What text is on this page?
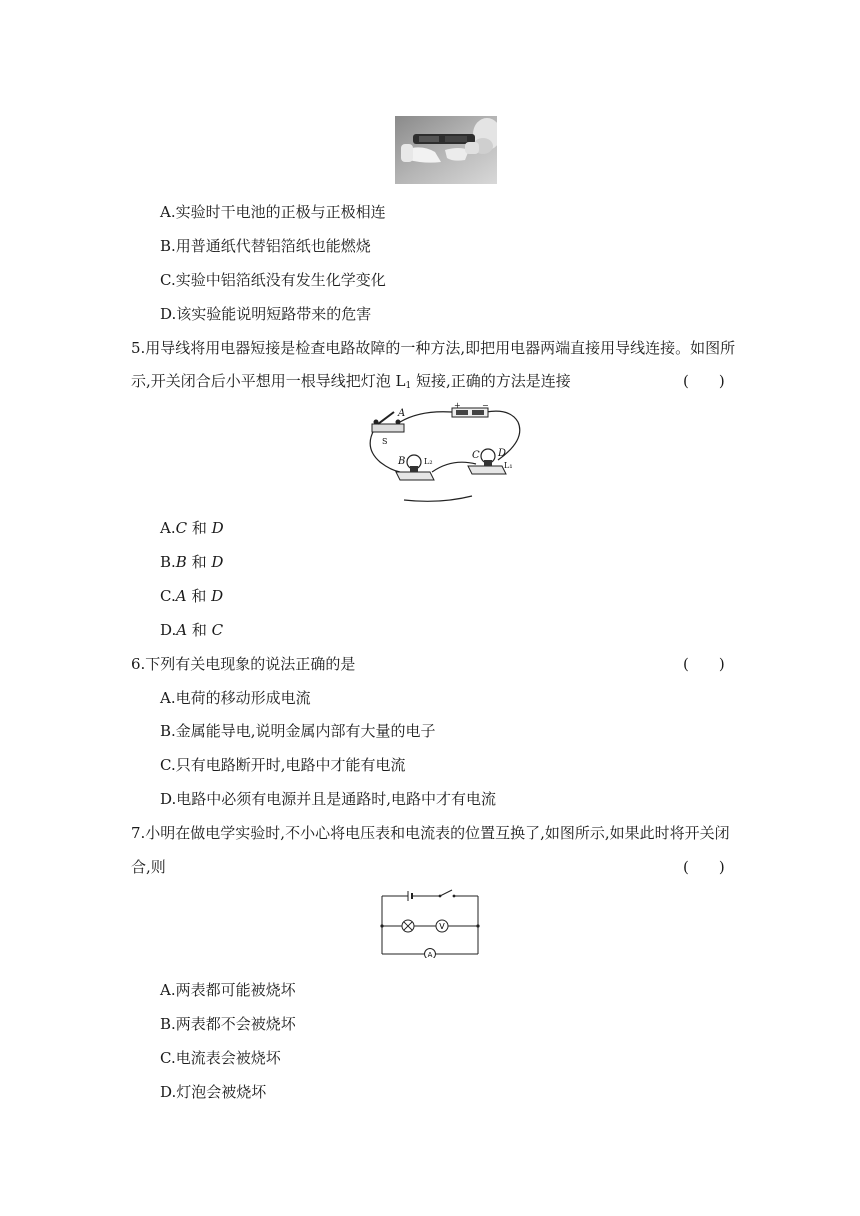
A.实验时干电池的正极与正极相连
B.用普通纸代替铝箔纸也能燃烧
C.实验中铝箔纸没有发生化学变化
D.该实验能说明短路带来的危害
5.用导线将用电器短接是检查电路故障的一种方法,即把用电器两端直接用导线连接。如图所
示,开关闭合后小平想用一根导线把灯泡 $L_1$ 短接,正确的方法是连接	(　　)
A
S
+	−
B L₂
C D
L₁
A.C 和 D
B.B 和 D
C.A 和 D
D.A 和 C
6.下列有关电现象的说法正确的是	(　　)
A.电荷的移动形成电流
B.金属能导电,说明金属内部有大量的电子
C.只有电路断开时,电路中才能有电流
D.电路中必须有电源并且是通路时,电路中才有电流
7.小明在做电学实验时,不小心将电压表和电流表的位置互换了,如图所示,如果此时将开关闭
合,则	(　　)
V
A
A.两表都可能被烧坏
B.两表都不会被烧坏
C.电流表会被烧坏
D.灯泡会被烧坏
